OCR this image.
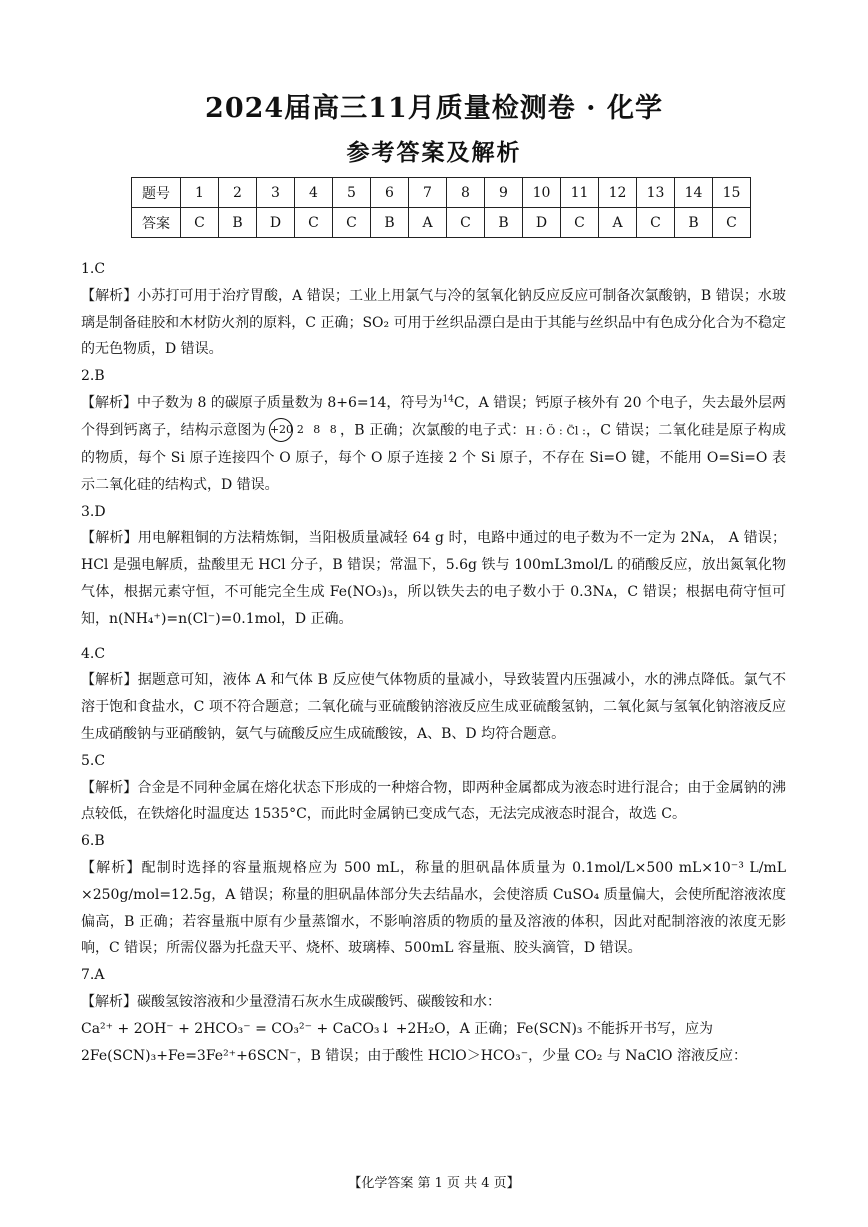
2024届高三11月质量检测卷 · 化学
参考答案及解析
题号	1	2	3	4	5	6	7	8	9	10	11	12	13	14	15
答案	C	B	D	C	C	B	A	C	B	D	C	A	C	B	C

1.C

【解析】小苏打可用于治疗胃酸，A 错误；工业上用氯气与冷的氢氧化钠反应反应可制备次氯酸钠，B 错误；水玻璃是制备硅胶和木材防火剂的原料，C 正确；SO₂ 可用于丝织品漂白是由于其能与丝织品中有色成分化合为不稳定的无色物质，D 错误。

2.B

【解析】中子数为 8 的碳原子质量数为 8+6=14，符号为$^{14}$C，A 错误；钙原子核外有 20 个电子，失去最外层两个得到钙离子，结构示意图为 +20 2 8 8，B 正确；次氯酸的电子式：H : Ö : C̈l :，C 错误；二氧化硅是原子构成的物质，每个 Si 原子连接四个 O 原子，每个 O 原子连接 2 个 Si 原子，不存在 Si=O 键，不能用 O=Si=O 表示二氧化硅的结构式，D 错误。

3.D

【解析】用电解粗铜的方法精炼铜，当阳极质量减轻 64 g 时，电路中通过的电子数为不一定为 2Nᴀ， A 错误；HCl 是强电解质，盐酸里无 HCl 分子，B 错误；常温下，5.6g 铁与 100mL3mol/L 的硝酸反应，放出氮氧化物气体，根据元素守恒，不可能完全生成 Fe(NO₃)₃，所以铁失去的电子数小于 0.3Nᴀ，C 错误；根据电荷守恒可知，n(NH₄⁺)=n(Cl⁻)=0.1mol，D 正确。

4.C

【解析】据题意可知，液体 A 和气体 B 反应使气体物质的量减小，导致装置内压强减小，水的沸点降低。氯气不溶于饱和食盐水，C 项不符合题意；二氧化硫与亚硫酸钠溶液反应生成亚硫酸氢钠，二氧化氮与氢氧化钠溶液反应生成硝酸钠与亚硝酸钠，氨气与硫酸反应生成硫酸铵，A、B、D 均符合题意。

5.C

【解析】合金是不同种金属在熔化状态下形成的一种熔合物，即两种金属都成为液态时进行混合；由于金属钠的沸点较低，在铁熔化时温度达 1535°C，而此时金属钠已变成气态，无法完成液态时混合，故选 C。

6.B

【解析】配制时选择的容量瓶规格应为 500 mL，称量的胆矾晶体质量为 0.1mol/L×500 mL×10⁻³ L/mL ×250g/mol=12.5g，A 错误；称量的胆矾晶体部分失去结晶水，会使溶质 CuSO₄ 质量偏大，会使所配溶液浓度偏高，B 正确；若容量瓶中原有少量蒸馏水，不影响溶质的物质的量及溶液的体积，因此对配制溶液的浓度无影响，C 错误；所需仪器为托盘天平、烧杯、玻璃棒、500mL 容量瓶、胶头滴管，D 错误。

7.A

【解析】碳酸氢铵溶液和少量澄清石灰水生成碳酸钙、碳酸铵和水：

Ca²⁺ + 2OH⁻ + 2HCO₃⁻ = CO₃²⁻ + CaCO₃↓ +2H₂O，A 正确；Fe(SCN)₃ 不能拆开书写，应为

2Fe(SCN)₃+Fe=3Fe²⁺+6SCN⁻，B 错误；由于酸性 HClO＞HCO₃⁻，少量 CO₂ 与 NaClO 溶液反应：

【化学答案 第 1 页 共 4 页】
